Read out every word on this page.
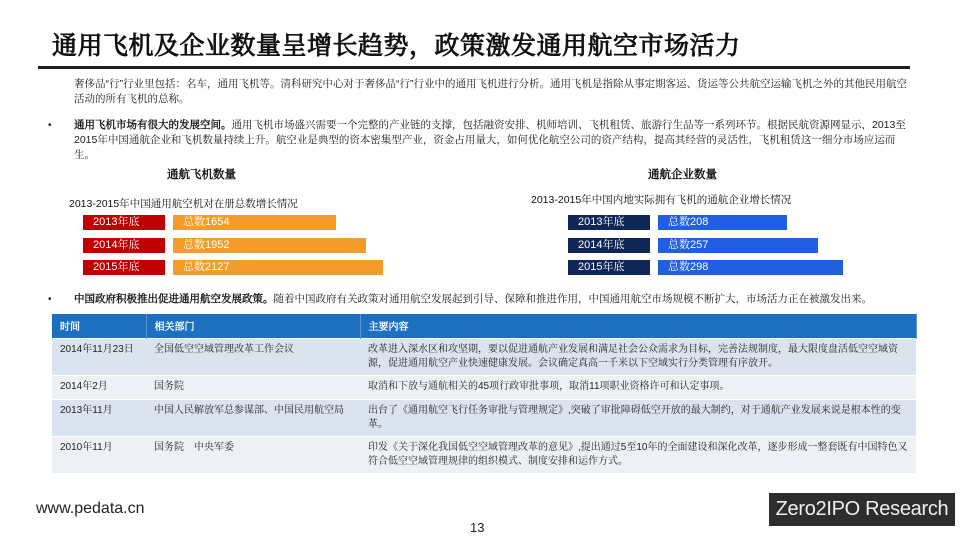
通用飞机及企业数量呈增长趋势，政策激发通用航空市场活力
奢侈品“行”行业里包括：名车，通用飞机等。清科研究中心对于奢侈品“行”行业中的通用飞机进行分析。通用飞机是指除从事定期客运、货运等公共航空运输飞机之外的其他民用航空活动的所有飞机的总称。
• 通用飞机市场有很大的发展空间。通用飞机市场盛兴需要一个完整的产业链的支撑，包括融资安排、机师培训、飞机租赁、旅游行生品等一系列环节。根据民航资源网显示，2013至2015年中国通航企业和飞机数量持续上升。航空业是典型的资本密集型产业，资金占用量大，如何优化航空公司的资产结构，提高其经营的灵活性，飞机租赁这一细分市场应运而生。
通航飞机数量
2013-2015年中国通用航空机对在册总数增长情况
2013年底	总数1654
2014年底	总数1952
2015年底	总数2127
通航企业数量
2013-2015年中国内地实际拥有飞机的通航企业增长情况
2013年底	总数208
2014年底	总数257
2015年底	总数298
• 中国政府积极推出促进通用航空发展政策。随着中国政府有关政策对通用航空发展起到引导、保障和推进作用，中国通用航空市场规模不断扩大，市场活力正在被激发出来。
时间	相关部门	主要内容
2014年11月23日	全国低空空域管理改革工作会议	改革进入深水区和攻坚期，要以促进通航产业发展和满足社会公众需求为目标，完善法规制度，最大限度盘活低空空域资源，促进通用航空产业快速健康发展。会议确定真高一千米以下空域实行分类管理有序放开。
2014年2月	国务院	取消和下放与通航相关的45项行政审批事项，取消11项职业资格许可和认定事项。
2013年11月	中国人民解放军总参谋部、中国民用航空局	出台了《通用航空飞行任务审批与管理规定》,突破了审批障碍低空开放的最大制约，对于通航产业发展来说是根本性的变革。
2010年11月	国务院　中央军委	印发《关于深化我国低空空域管理改革的意见》,提出通过5至10年的全面建设和深化改革，逐步形成一整套既有中国特色又符合低空空域管理规律的组织模式、制度安排和运作方式。
www.pedata.cn
13
Zero2IPO Research
